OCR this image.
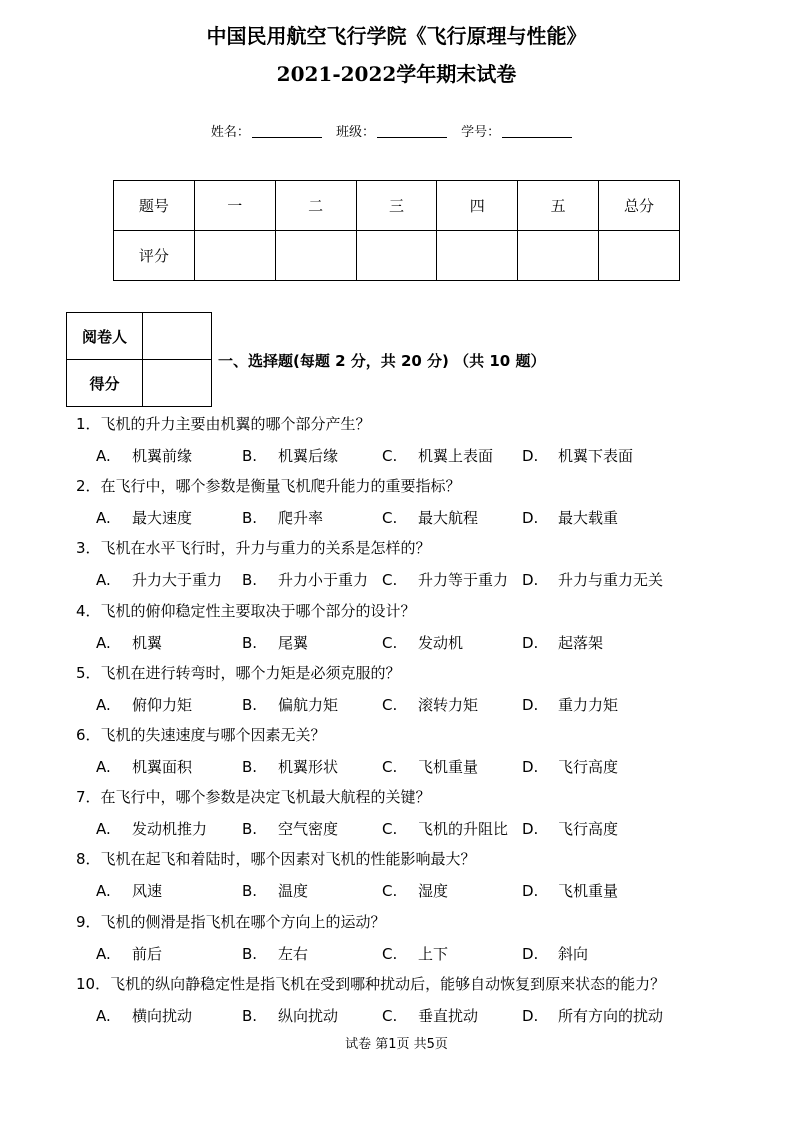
中国民用航空飞行学院《飞行原理与性能》
2021-2022学年期末试卷
姓名：	班级：	学号：
题号	一	二	三	四	五	总分
评分						
阅卷人	
得分	
一、选择题(每题 2 分，共 20 分) （共 10 题）
1．飞机的升力主要由机翼的哪个部分产生？
A. 机翼前缘	B. 机翼后缘	C. 机翼上表面 D. 机翼下表面
2．在飞行中，哪个参数是衡量飞机爬升能力的重要指标？
A. 最大速度	B. 爬升率	C. 最大航程	D. 最大载重
3．飞机在水平飞行时，升力与重力的关系是怎样的？
A. 升力大于重力 B. 升力小于重力 C. 升力等于重力 D. 升力与重力无关
4．飞机的俯仰稳定性主要取决于哪个部分的设计？
A. 机翼	B. 尾翼	C. 发动机	D. 起落架
5．飞机在进行转弯时，哪个力矩是必须克服的？
A. 俯仰力矩	B. 偏航力矩	C. 滚转力矩	D. 重力力矩
6．飞机的失速速度与哪个因素无关？
A. 机翼面积	B. 机翼形状	C. 飞机重量	D. 飞行高度
7．在飞行中，哪个参数是决定飞机最大航程的关键？
A. 发动机推力 B. 空气密度	C. 飞机的升阻比 D. 飞行高度
8．飞机在起飞和着陆时，哪个因素对飞机的性能影响最大？
A. 风速	B. 温度	C. 湿度	D. 飞机重量
9．飞机的侧滑是指飞机在哪个方向上的运动？
A. 前后	B. 左右	C. 上下	D. 斜向
10．飞机的纵向静稳定性是指飞机在受到哪种扰动后，能够自动恢复到原来状态的能力？
A. 横向扰动	B. 纵向扰动	C. 垂直扰动	D. 所有方向的扰动
试卷 第1页 共5页
